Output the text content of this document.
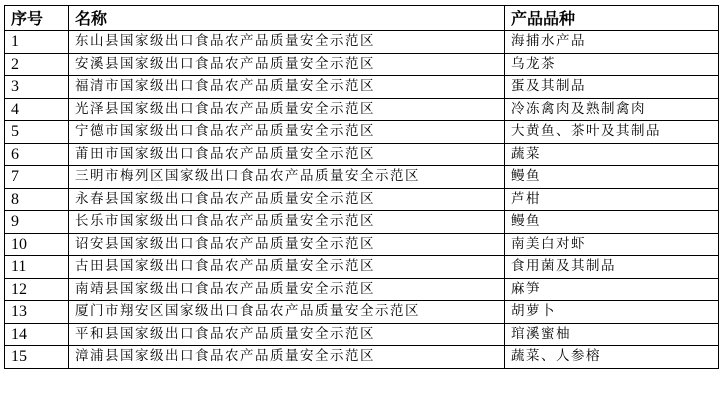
序号	名称	产品品种
1	东山县国家级出口食品农产品质量安全示范区	海捕水产品
2	安溪县国家级出口食品农产品质量安全示范区	乌龙茶
3	福清市国家级出口食品农产品质量安全示范区	蛋及其制品
4	光泽县国家级出口食品农产品质量安全示范区	冷冻禽肉及熟制禽肉
5	宁德市国家级出口食品农产品质量安全示范区	大黄鱼、茶叶及其制品
6	莆田市国家级出口食品农产品质量安全示范区	蔬菜
7	三明市梅列区国家级出口食品农产品质量安全示范区	鳗鱼
8	永春县国家级出口食品农产品质量安全示范区	芦柑
9	长乐市国家级出口食品农产品质量安全示范区	鳗鱼
10	诏安县国家级出口食品农产品质量安全示范区	南美白对虾
11	古田县国家级出口食品农产品质量安全示范区	食用菌及其制品
12	南靖县国家级出口食品农产品质量安全示范区	麻笋
13	厦门市翔安区国家级出口食品农产品质量安全示范区	胡萝卜
14	平和县国家级出口食品农产品质量安全示范区	琯溪蜜柚
15	漳浦县国家级出口食品农产品质量安全示范区	蔬菜、人参榕
